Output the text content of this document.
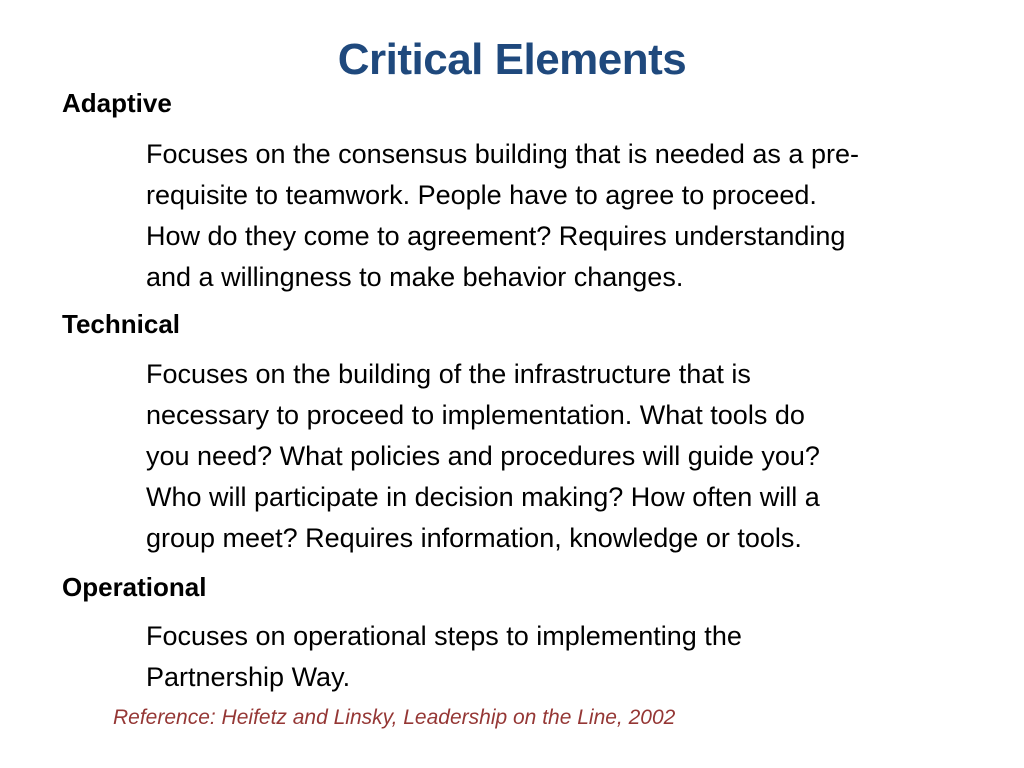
Critical Elements
Adaptive
Focuses on the consensus building that is needed as a pre-
requisite to teamwork. People have to agree to proceed.
How do they come to agreement? Requires understanding
and a willingness to make behavior changes.
Technical
Focuses on the building of the infrastructure that is
necessary to proceed to implementation. What tools do
you need? What policies and procedures will guide you?
Who will participate in decision making? How often will a
group meet? Requires information, knowledge or tools.
Operational
Focuses on operational steps to implementing the
Partnership Way.
Reference: Heifetz and Linsky, Leadership on the Line, 2002
